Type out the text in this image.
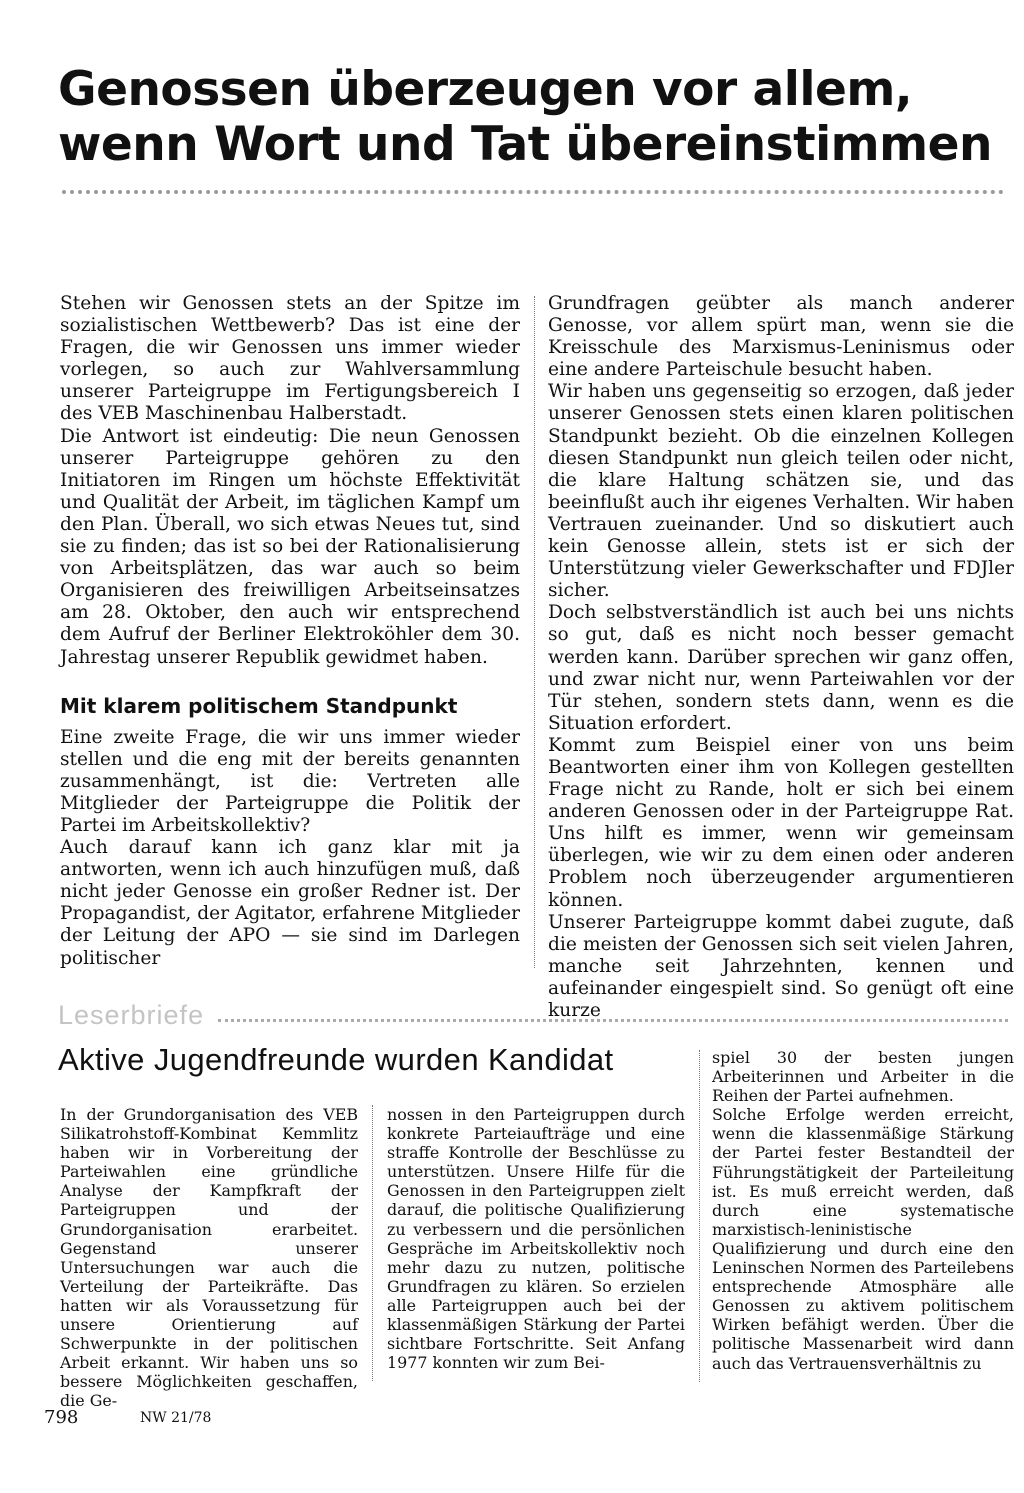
Genossen überzeugen vor allem,
wenn Wort und Tat übereinstimmen

Stehen wir Genossen stets an der Spitze im sozialistischen Wettbewerb? Das ist eine der Fragen, die wir Genossen uns immer wieder vorlegen, so auch zur Wahlversammlung unserer Parteigruppe im Fertigungsbereich I des VEB Maschinenbau Halberstadt.

Die Antwort ist eindeutig: Die neun Genossen unserer Parteigruppe gehören zu den Initiatoren im Ringen um höchste Effektivität und Qualität der Arbeit, im täglichen Kampf um den Plan. Überall, wo sich etwas Neues tut, sind sie zu finden; das ist so bei der Rationalisierung von Arbeitsplätzen, das war auch so beim Organisieren des freiwilligen Arbeitseinsatzes am 28. Oktober, den auch wir entsprechend dem Aufruf der Berliner Elektroköhler dem 30. Jahrestag unserer Republik gewidmet haben.

Mit klarem politischem Standpunkt

Eine zweite Frage, die wir uns immer wieder stellen und die eng mit der bereits genannten zusammenhängt, ist die: Vertreten alle Mitglieder der Parteigruppe die Politik der Partei im Arbeitskollektiv?

Auch darauf kann ich ganz klar mit ja antworten, wenn ich auch hinzufügen muß, daß nicht jeder Genosse ein großer Redner ist. Der Propagandist, der Agitator, erfahrene Mitglieder der Leitung der APO — sie sind im Darlegen politischer

Grundfragen geübter als manch anderer Genosse, vor allem spürt man, wenn sie die Kreisschule des Marxismus-Leninismus oder eine andere Parteischule besucht haben.

Wir haben uns gegenseitig so erzogen, daß jeder unserer Genossen stets einen klaren politischen Standpunkt bezieht. Ob die einzelnen Kollegen diesen Standpunkt nun gleich teilen oder nicht, die klare Haltung schätzen sie, und das beeinflußt auch ihr eigenes Verhalten. Wir haben Vertrauen zueinander. Und so diskutiert auch kein Genosse allein, stets ist er sich der Unterstützung vieler Gewerkschafter und FDJler sicher.

Doch selbstverständlich ist auch bei uns nichts so gut, daß es nicht noch besser gemacht werden kann. Darüber sprechen wir ganz offen, und zwar nicht nur, wenn Parteiwahlen vor der Tür stehen, sondern stets dann, wenn es die Situation erfordert.

Kommt zum Beispiel einer von uns beim Beantworten einer ihm von Kollegen gestellten Frage nicht zu Rande, holt er sich bei einem anderen Genossen oder in der Parteigruppe Rat. Uns hilft es immer, wenn wir gemeinsam überlegen, wie wir zu dem einen oder anderen Problem noch überzeugender argumentieren können.

Unserer Parteigruppe kommt dabei zugute, daß die meisten der Genossen sich seit vielen Jahren, manche seit Jahrzehnten, kennen und aufeinander eingespielt sind. So genügt oft eine kurze

Leserbriefe
Aktive Jugendfreunde wurden Kandidat

In der Grundorganisation des VEB Silikatrohstoff-Kombinat Kemmlitz haben wir in Vorbereitung der Parteiwahlen eine gründliche Analyse der Kampfkraft der Parteigruppen und der Grundorganisation erarbeitet. Gegenstand unserer Untersuchungen war auch die Verteilung der Parteikräfte. Das hatten wir als Voraussetzung für unsere Orientierung auf Schwerpunkte in der politischen Arbeit erkannt. Wir haben uns so bessere Möglichkeiten geschaffen, die Ge-

nossen in den Parteigruppen durch konkrete Parteiaufträge und eine straffe Kontrolle der Beschlüsse zu unterstützen. Unsere Hilfe für die Genossen in den Parteigruppen zielt darauf, die politische Qualifizierung zu verbessern und die persönlichen Gespräche im Arbeitskollektiv noch mehr dazu zu nutzen, politische Grundfragen zu klären. So erzielen alle Parteigruppen auch bei der klassenmäßigen Stärkung der Partei sichtbare Fortschritte. Seit Anfang 1977 konnten wir zum Bei-

spiel 30 der besten jungen Arbeiterinnen und Arbeiter in die Reihen der Partei aufnehmen.

Solche Erfolge werden erreicht, wenn die klassenmäßige Stärkung der Partei fester Bestandteil der Führungstätigkeit der Parteileitung ist. Es muß erreicht werden, daß durch eine systematische marxistisch-leninistische Qualifizierung und durch eine den Leninschen Normen des Parteilebens entsprechende Atmosphäre alle Genossen zu aktivem politischem Wirken befähigt werden. Über die politische Massenarbeit wird dann auch das Vertrauensverhältnis zu

798	NW 21/78
